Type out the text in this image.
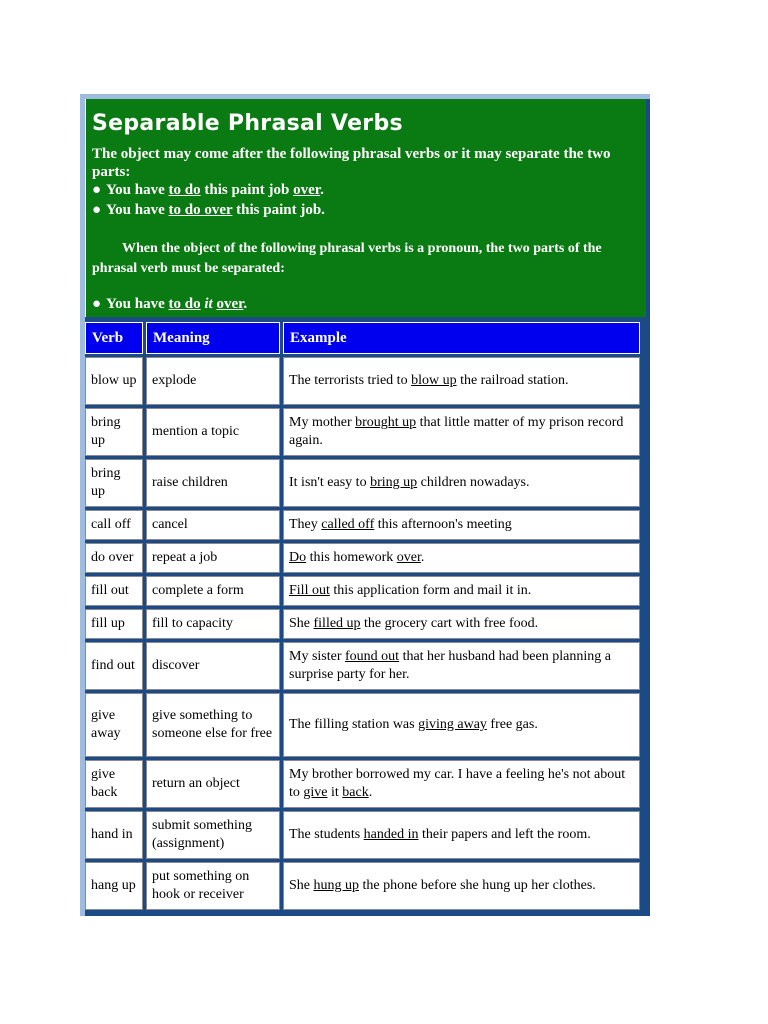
Separable Phrasal Verbs
The object may come after the following phrasal verbs or it may separate the two parts:
● You have to do this paint job over.
● You have to do over this paint job.
When the object of the following phrasal verbs is a pronoun, the two parts of the phrasal verb must be separated:
● You have to do it over.
Verb	Meaning	Example
blow up	explode	The terrorists tried to blow up the railroad station.
bring up	mention a topic	My mother brought up that little matter of my prison record again.
bring up	raise children	It isn't easy to bring up children nowadays.
call off	cancel	They called off this afternoon's meeting
do over	repeat a job	Do this homework over.
fill out	complete a form	Fill out this application form and mail it in.
fill up	fill to capacity	She filled up the grocery cart with free food.
find out	discover	My sister found out that her husband had been planning a surprise party for her.
give away	give something to someone else for free	The filling station was giving away free gas.
give back	return an object	My brother borrowed my car. I have a feeling he's not about to give it back.
hand in	submit something (assignment)	The students handed in their papers and left the room.
hang up	put something on hook or receiver	She hung up the phone before she hung up her clothes.
